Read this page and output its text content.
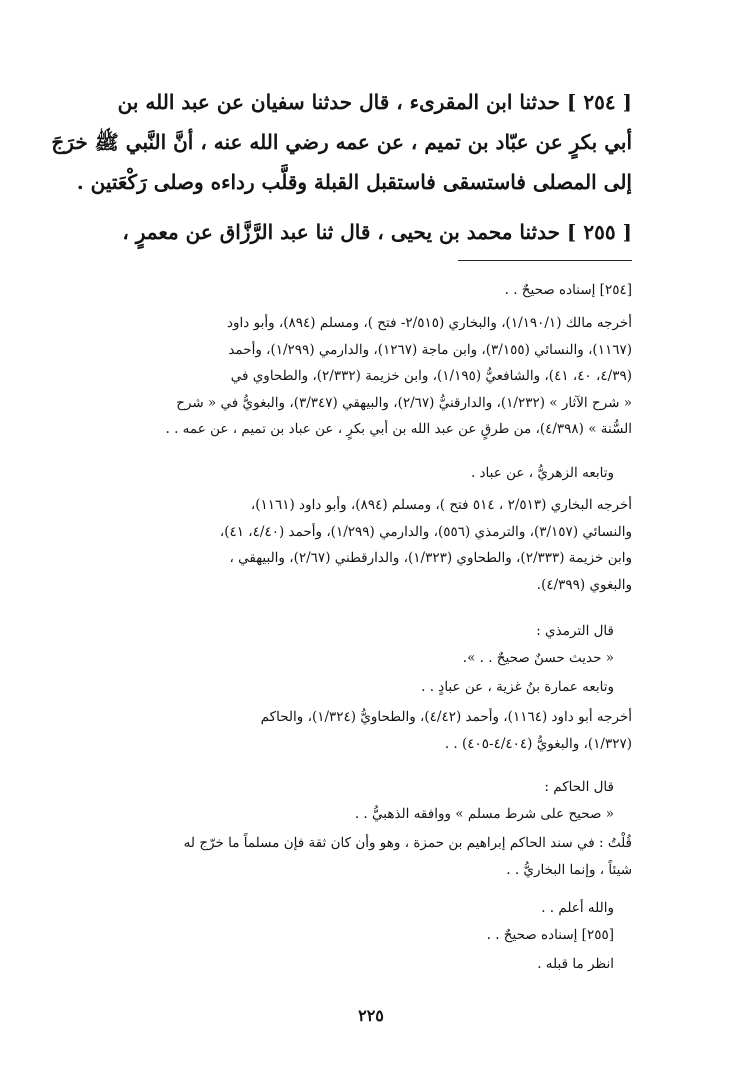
[ ٢٥٤ ] حدثنا ابن المقرىء ، قال حدثنا سفيان عن عبد الله بن
أبي بكرٍ عن عبّاد بن تميم ، عن عمه رضي الله عنه ، أنَّ النَّبي ﷺ خرَجَ
إلى المصلى فاستسقى فاستقبل القبلة وقلَّب رداءه وصلى رَكْعَتين .
[ ٢٥٥ ] حدثنا محمد بن يحيى ، قال ثنا عبد الرَّزَّاق عن معمرٍ ،
[٢٥٤] إسناده صحيحٌ . .
أخرجه مالك (١/١٩٠/١)، والبخاري (٢/٥١٥- فتح )، ومسلم (٨٩٤)، وأبو داود
(١١٦٧)، والنسائي (٣/١٥٥)، وابن ماجة (١٢٦٧)، والدارمي (١/٢٩٩)، وأحمد
(٤/٣٩، ٤٠، ٤١)، والشافعيُّ (١/١٩٥)، وابن خزيمة (٢/٣٣٢)، والطحاوي في
« شرح الآثار » (١/٢٣٢)، والدارقنيُّ (٢/٦٧)، والبيهقي (٣/٣٤٧)، والبغويُّ في « شرح
السُّنة » (٤/٣٩٨)، من طرقٍ عن عبد الله بن أبي بكرٍ ، عن عباد بن تميم ، عن عمه . .
وتابعه الزهريُّ ، عن عباد .
أخرجه البخاري (٢/٥١٣ ، ٥١٤ فتح )، ومسلم (٨٩٤)، وأبو داود (١١٦١)،
والنسائي (٣/١٥٧)، والترمذي (٥٥٦)، والدارمي (١/٢٩٩)، وأحمد (٤/٤٠، ٤١)،
وابن خزيمة (٢/٣٣٣)، والطحاوي (١/٣٢٣)، والدارقطني (٢/٦٧)، والبيهقي ،
والبغوي (٤/٣٩٩).
قال الترمذي :
« حديث حسنٌ صحيحٌ . . ».
وتابعه عمارة بنُ غزية ، عن عبادٍ . .
أخرجه أبو داود (١١٦٤)، وأحمد (٤/٤٢)، والطحاويُّ (١/٣٢٤)، والحاكم
(١/٣٢٧)، والبغويُّ (٤/٤٠٤-٤٠٥) . .
قال الحاكم :
« صحيح على شرط مسلم » ووافقه الذهبيُّ . .
قُلْتُ : في سند الحاكم إبراهيم بن حمزة ، وهو وأن كان ثقة فإن مسلماً ما خرّج له
شيئاً ، وإنما البخاريُّ . .
والله أعلم . .
[٢٥٥] إسناده صحيحٌ . .
انظر ما قبله .
٢٢٥
